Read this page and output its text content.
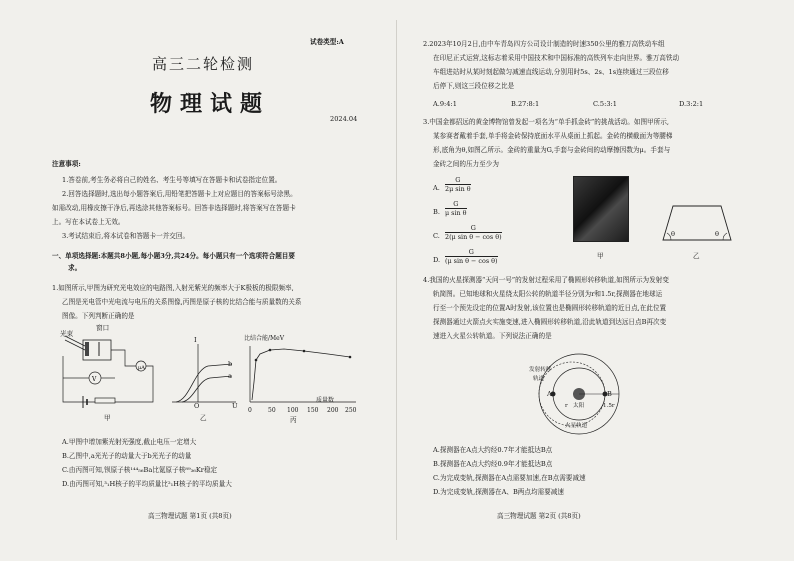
试卷类型:A
高三二轮检测
物理试题
2024.04
注意事项:
1.答卷前,考生务必将自己的姓名、考生号等填写在答题卡和试卷指定位置。
2.回答选择题时,选出每小题答案后,用铅笔把答题卡上对应题目的答案标号涂黑。
如需改动,用橡皮擦干净后,再选涂其他答案标号。回答非选择题时,将答案写在答题卡
上。写在本试卷上无效。
3.考试结束后,将本试卷和答题卡一并交回。
一、单项选择题:本题共8小题,每小题3分,共24分。每小题只有一个选项符合题目要
求。
1.如图所示,甲图为研究光电效应的电路图,入射光紫光的频率大于K极板的极限频率,
乙图是光电管中光电流与电压的关系图像,丙图是原子核的比结合能与质量数的关系
图像。下列判断正确的是
V
μA
光束
窗口
甲
I
b
a
O	U
乙
比结合能/MeV
质量数
0	50 100 150 200 250
丙
A.甲图中增加紫光射光强度,截止电压一定增大
B.乙图中,a光光子的动量大于b光光子的动量
C.由丙图可知,钡原子核¹⁴⁴₅₆Ba比氪原子核⁸⁹₃₆Kr稳定
D.由丙图可知,³₁H核子的平均质量比²₁H核子的平均质量大
高三物理试题 第1页 (共8页)
2.2023年10月2日,由中车青岛四方公司设计制造的时速350公里的雅万高铁动车组
在印尼正式运营,这标志着采用中国技术和中国标准的高铁列车走向世界。雅万高铁动
车组进站时从某时刻起做匀减速直线运动,分别用时5s、2s、1s连续通过三段位移
后停下,则这三段位移之比是
A.9:4:1	B.27:8:1	C.5:3:1	D.3:2:1
3.中国金都招远的黄金博物馆曾发起一项名为“单手抓金砖”的挑战活动。如图甲所示,
某参赛者戴着手套,单手将金砖保持底面水平从桌面上抓起。金砖的横截面为等腰梯
形,底角为θ,如图乙所示。金砖的重量为G,手套与金砖间的动摩擦因数为μ。手套与
金砖之间的压力至少为
A. $\frac{G}{\text{2μ sin θ}}$
B. $\frac{G}{\text{μ sin θ}}$
C. $\frac{G}{\text{2(μ sin θ − cos θ)}}$
D. $\frac{G}{\text{(μ sin θ − cos θ)}}$	甲
θ	θ
乙
4.我国的火星探测器“天问一号”的发射过程采用了椭圆形转移轨道,如图所示为发射变
轨简图。已知地球和火星绕太阳公转的轨道半径分别为r和1.5r,探测器在地球运
行至一个预先设定的位置A时发射,该位置也是椭圆形转移轨道的近日点,在此位置
探测器通过火箭点火实施变速,进入椭圆形转移轨道,沿此轨道到达远日点B再次变
速进入火星公转轨道。下列说法正确的是
发射转移
轨道
A	B
太阳
r	1.5r
火星轨道
A.探测器在A点大约经0.7年才能抵达B点
B.探测器在A点大约经0.9年才能抵达B点
C.为完成变轨,探测器在A点需要加速,在B点需要减速
D.为完成变轨,探测器在A、B两点均需要减速
高三物理试题 第2页 (共8页)
